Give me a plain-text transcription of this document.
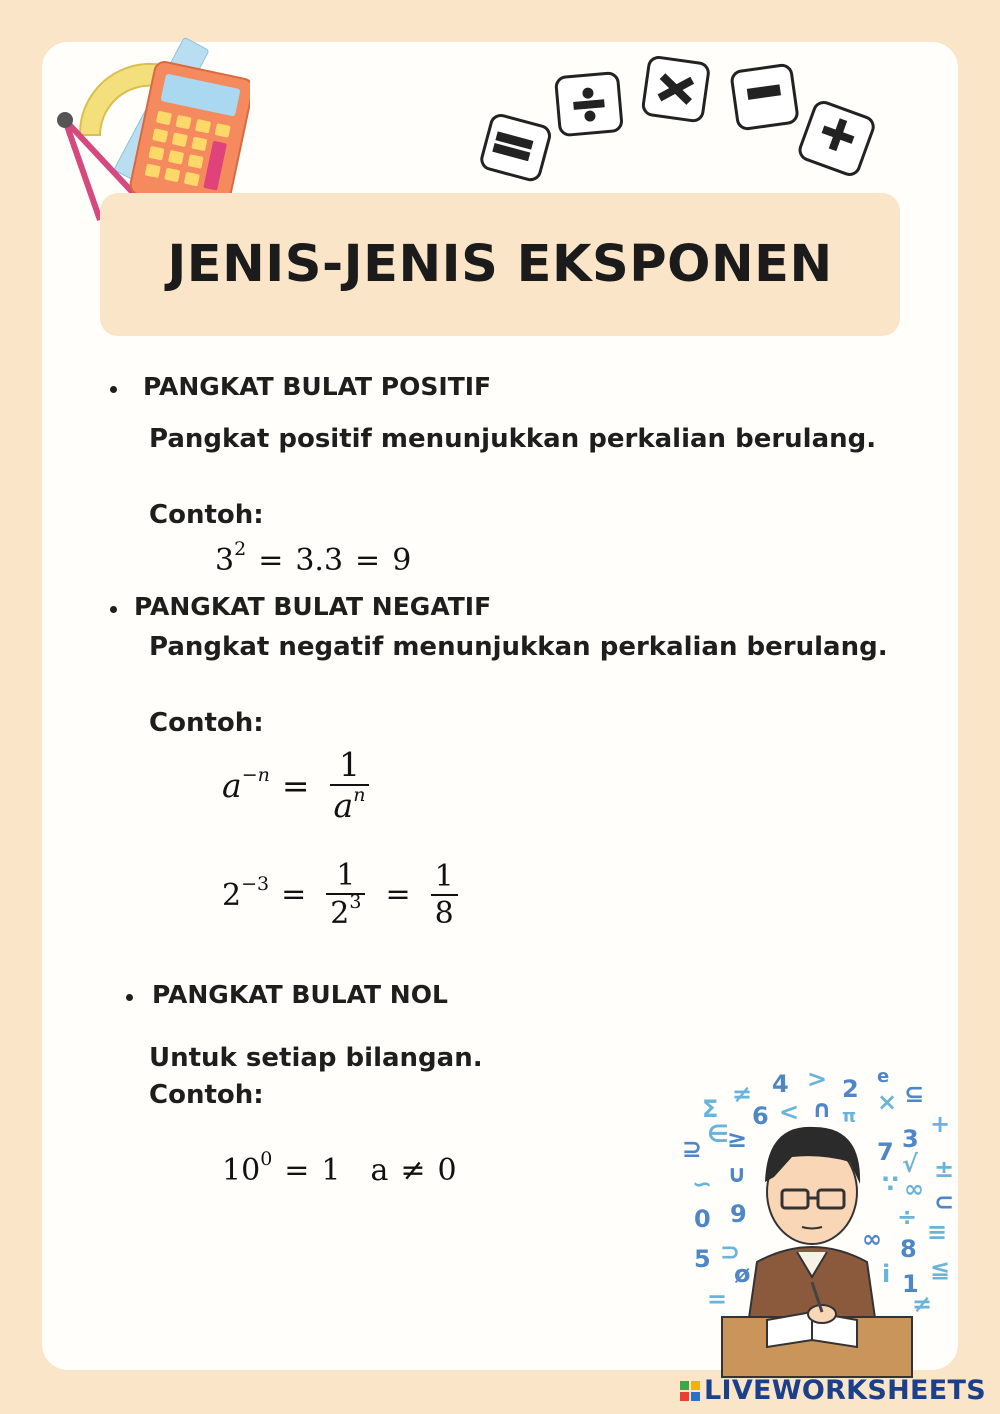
JENIS-JENIS EKSPONEN
PANGKAT BULAT POSITIF

Pangkat positif menunjukkan perkalian berulang.

Contoh:

$3^2 = 3.3 = 9$
PANGKAT BULAT NEGATIF

Pangkat negatif menunjukkan perkalian berulang.

Contoh:

$a^{-n} = \frac{1}{a^n}$
$2^{-3} = \frac{1}{2^3} = \frac{1}{8}$
PANGKAT BULAT NOL

Untuk setiap bilangan.

Contoh:

$10^0 = 1$ a ≠ 0
Σ
≠ 4 > 2 e
⊆
×
6 < ∩ π
⊇
∈
≥	3
+
7 √ ±
∽ ∪	∵ ∞ ⊂
0 9	÷
≡
∞ 8
5 ⊃
≦
i 1
ø
=	≠
LIVEWORKSHEETS
